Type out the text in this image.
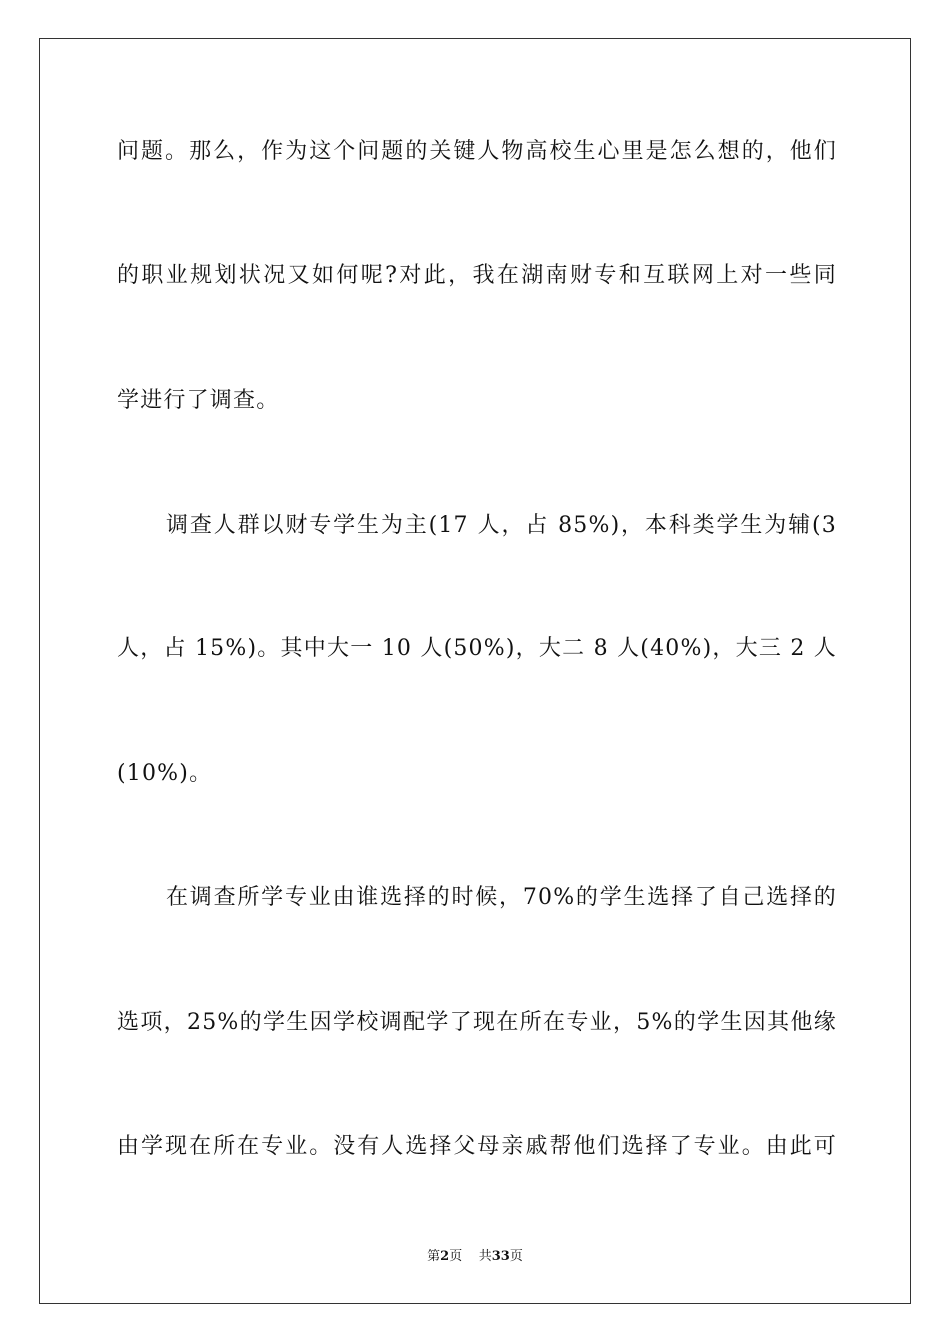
问题。那么，作为这个问题的关键人物高校生心里是怎么想的，他们
的职业规划状况又如何呢?对此，我在湖南财专和互联网上对一些同
学进行了调查。
调查人群以财专学生为主(17 人，占 85%)，本科类学生为辅(3
人，占 15%)。其中大一 10 人(50%)，大二 8 人(40%)，大三 2 人
(10%)。
在调查所学专业由谁选择的时候，70%的学生选择了自己选择的
选项，25%的学生因学校调配学了现在所在专业，5%的学生因其他缘
由学现在所在专业。没有人选择父母亲戚帮他们选择了专业。由此可
第2页 共33页
